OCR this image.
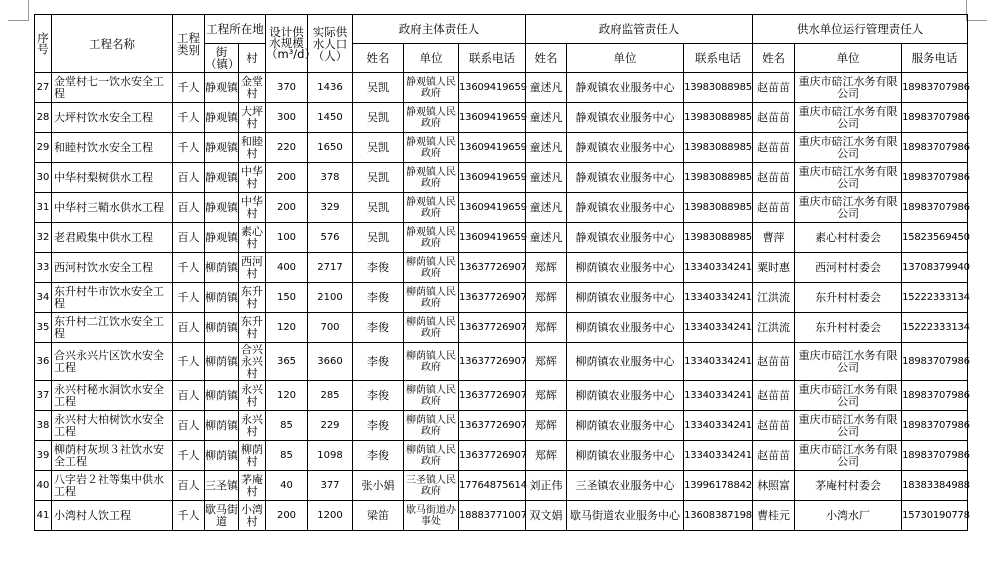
序号	工程名称	工程类别	工程所在地		设计供水规模（m³/d）	实际供水人口（人）	政府主体责任人			政府监管责任人			供水单位运行管理责任人		
			街（镇）	村			姓名	单位	联系电话	姓名	单位	联系电话	姓名	单位	服务电话
27	金堂村七一饮水安全工程	千人	静观镇	金堂村	370	1436	吴凯	静观镇人民政府	13609419659	童述凡	静观镇农业服务中心	13983088985	赵苗苗	重庆市碚江水务有限公司	18983707986
28	大坪村饮水安全工程	千人	静观镇	大坪村	300	1450	吴凯	静观镇人民政府	13609419659	童述凡	静观镇农业服务中心	13983088985	赵苗苗	重庆市碚江水务有限公司	18983707986
29	和睦村饮水安全工程	千人	静观镇	和睦村	220	1650	吴凯	静观镇人民政府	13609419659	童述凡	静观镇农业服务中心	13983088985	赵苗苗	重庆市碚江水务有限公司	18983707986
30	中华村梨树供水工程	百人	静观镇	中华村	200	378	吴凯	静观镇人民政府	13609419659	童述凡	静观镇农业服务中心	13983088985	赵苗苗	重庆市碚江水务有限公司	18983707986
31	中华村三鞘水供水工程	百人	静观镇	中华村	200	329	吴凯	静观镇人民政府	13609419659	童述凡	静观镇农业服务中心	13983088985	赵苗苗	重庆市碚江水务有限公司	18983707986
32	老君殿集中供水工程	百人	静观镇	素心村	100	576	吴凯	静观镇人民政府	13609419659	童述凡	静观镇农业服务中心	13983088985	曹萍	素心村村委会	15823569450
33	西河村饮水安全工程	千人	柳荫镇	西河村	400	2717	李俊	柳荫镇人民政府	13637726907	郑辉	柳荫镇农业服务中心	13340334241	粟时惠	西河村村委会	13708379940
34	东升村牛市饮水安全工程	千人	柳荫镇	东升村	150	2100	李俊	柳荫镇人民政府	13637726907	郑辉	柳荫镇农业服务中心	13340334241	江洪流	东升村村委会	15222333134
35	东升村二江饮水安全工程	百人	柳荫镇	东升村	120	700	李俊	柳荫镇人民政府	13637726907	郑辉	柳荫镇农业服务中心	13340334241	江洪流	东升村村委会	15222333134
36	合兴永兴片区饮水安全工程	千人	柳荫镇	合兴永兴村	365	3660	李俊	柳荫镇人民政府	13637726907	郑辉	柳荫镇农业服务中心	13340334241	赵苗苗	重庆市碚江水务有限公司	18983707986
37	永兴村秘水洞饮水安全工程	百人	柳荫镇	永兴村	120	285	李俊	柳荫镇人民政府	13637726907	郑辉	柳荫镇农业服务中心	13340334241	赵苗苗	重庆市碚江水务有限公司	18983707986
38	永兴村大柏树饮水安全工程	百人	柳荫镇	永兴村	85	229	李俊	柳荫镇人民政府	13637726907	郑辉	柳荫镇农业服务中心	13340334241	赵苗苗	重庆市碚江水务有限公司	18983707986
39	柳荫村灰坝３社饮水安全工程	千人	柳荫镇	柳荫村	85	1098	李俊	柳荫镇人民政府	13637726907	郑辉	柳荫镇农业服务中心	13340334241	赵苗苗	重庆市碚江水务有限公司	18983707986
40	八字岩２社等集中供水工程	百人	三圣镇	茅庵村	40	377	张小娟	三圣镇人民政府	17764875614	刘正伟	三圣镇农业服务中心	13996178842	林照富	茅庵村村委会	18383384988
41	小湾村人饮工程	千人	歇马街道	小湾村	200	1200	梁笛	歇马街道办事处	18883771007	双文娟	歇马街道农业服务中心	13608387198	曹桂元	小湾水厂	15730190778
